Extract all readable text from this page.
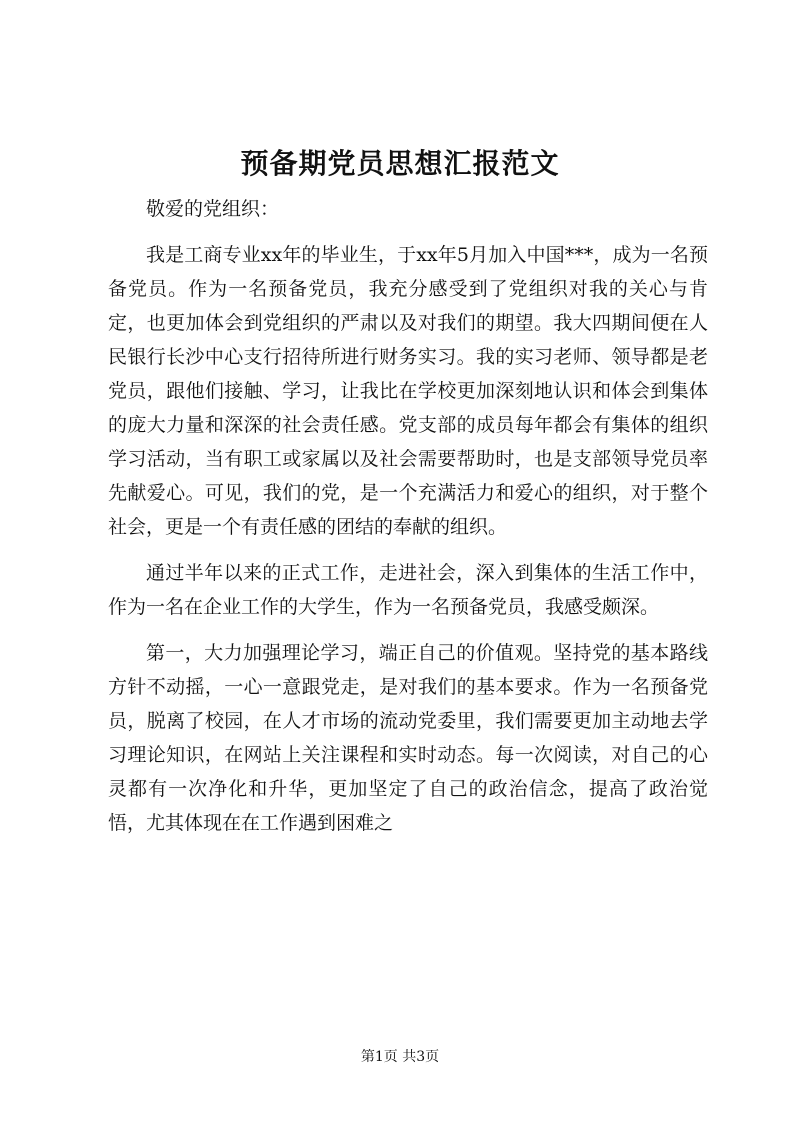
预备期党员思想汇报范文

敬爱的党组织：

我是工商专业xx年的毕业生，于xx年5月加入中国***，成为一名预备党员。作为一名预备党员，我充分感受到了党组织对我的关心与肯定，也更加体会到党组织的严肃以及对我们的期望。我大四期间便在人民银行长沙中心支行招待所进行财务实习。我的实习老师、领导都是老党员，跟他们接触、学习，让我比在学校更加深刻地认识和体会到集体的庞大力量和深深的社会责任感。党支部的成员每年都会有集体的组织学习活动，当有职工或家属以及社会需要帮助时，也是支部领导党员率先献爱心。可见，我们的党，是一个充满活力和爱心的组织，对于整个社会，更是一个有责任感的团结的奉献的组织。

通过半年以来的正式工作，走进社会，深入到集体的生活工作中，作为一名在企业工作的大学生，作为一名预备党员，我感受颇深。

第一，大力加强理论学习，端正自己的价值观。坚持党的基本路线方针不动摇，一心一意跟党走，是对我们的基本要求。作为一名预备党员，脱离了校园，在人才市场的流动党委里，我们需要更加主动地去学习理论知识，在网站上关注课程和实时动态。每一次阅读，对自己的心灵都有一次净化和升华，更加坚定了自己的政治信念，提高了政治觉悟，尤其体现在在工作遇到困难之

第1页 共3页
